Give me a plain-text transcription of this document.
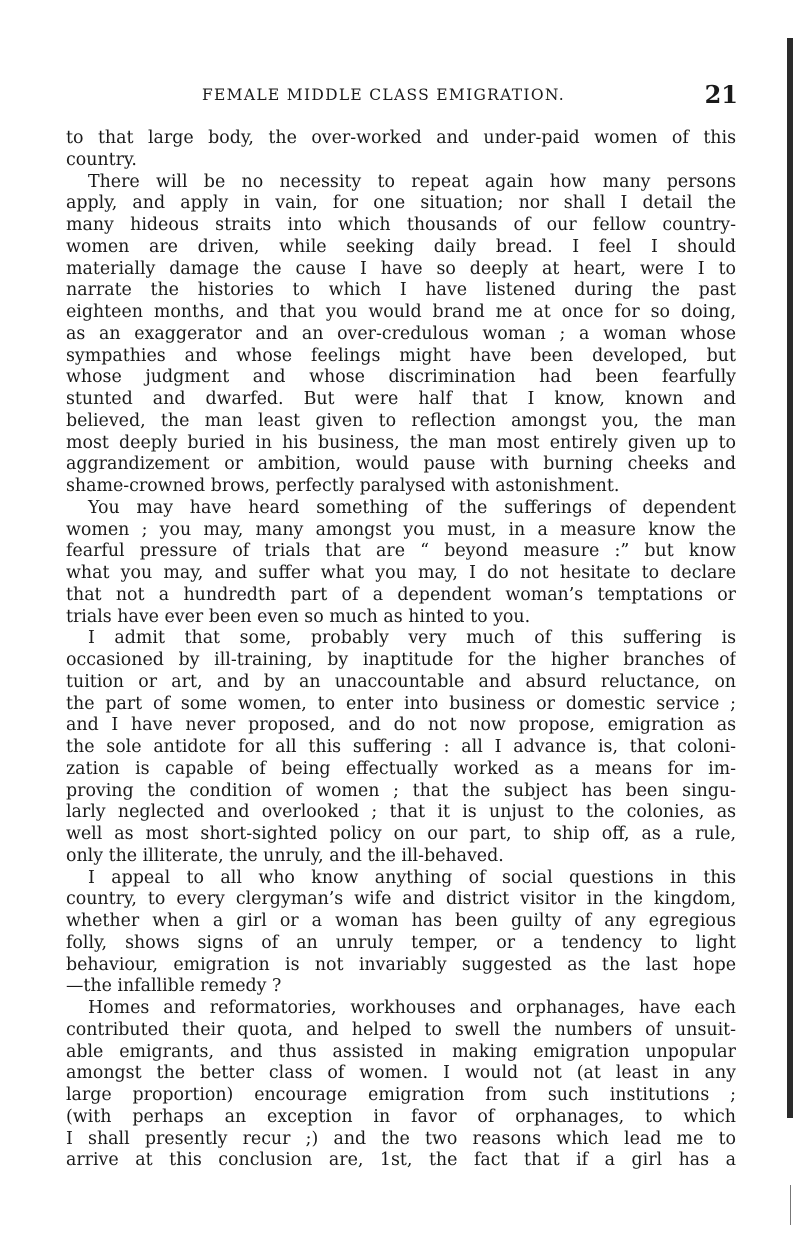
FEMALE MIDDLE CLASS EMIGRATION.	21
to that large body, the over-worked and under-paid women of this
country.
There will be no necessity to repeat again how many persons
apply, and apply in vain, for one situation; nor shall I detail the
many hideous straits into which thousands of our fellow country-
women are driven, while seeking daily bread. I feel I should
materially damage the cause I have so deeply at heart, were I to
narrate the histories to which I have listened during the past
eighteen months, and that you would brand me at once for so doing,
as an exaggerator and an over-credulous woman ; a woman whose
sympathies and whose feelings might have been developed, but
whose judgment and whose discrimination had been fearfully
stunted and dwarfed. But were half that I know, known and
believed, the man least given to reflection amongst you, the man
most deeply buried in his business, the man most entirely given up to
aggrandizement or ambition, would pause with burning cheeks and
shame-crowned brows, perfectly paralysed with astonishment.
You may have heard something of the sufferings of dependent
women ; you may, many amongst you must, in a measure know the
fearful pressure of trials that are “ beyond measure :” but know
what you may, and suffer what you may, I do not hesitate to declare
that not a hundredth part of a dependent woman’s temptations or
trials have ever been even so much as hinted to you.
I admit that some, probably very much of this suffering is
occasioned by ill-training, by inaptitude for the higher branches of
tuition or art, and by an unaccountable and absurd reluctance, on
the part of some women, to enter into business or domestic service ;
and I have never proposed, and do not now propose, emigration as
the sole antidote for all this suffering : all I advance is, that coloni-
zation is capable of being effectually worked as a means for im-
proving the condition of women ; that the subject has been singu-
larly neglected and overlooked ; that it is unjust to the colonies, as
well as most short-sighted policy on our part, to ship off, as a rule,
only the illiterate, the unruly, and the ill-behaved.
I appeal to all who know anything of social questions in this
country, to every clergyman’s wife and district visitor in the kingdom,
whether when a girl or a woman has been guilty of any egregious
folly, shows signs of an unruly temper, or a tendency to light
behaviour, emigration is not invariably suggested as the last hope
—the infallible remedy ?
Homes and reformatories, workhouses and orphanages, have each
contributed their quota, and helped to swell the numbers of unsuit-
able emigrants, and thus assisted in making emigration unpopular
amongst the better class of women. I would not (at least in any
large proportion) encourage emigration from such institutions ;
(with perhaps an exception in favor of orphanages, to which
I shall presently recur ;) and the two reasons which lead me to
arrive at this conclusion are, 1st, the fact that if a girl has a
